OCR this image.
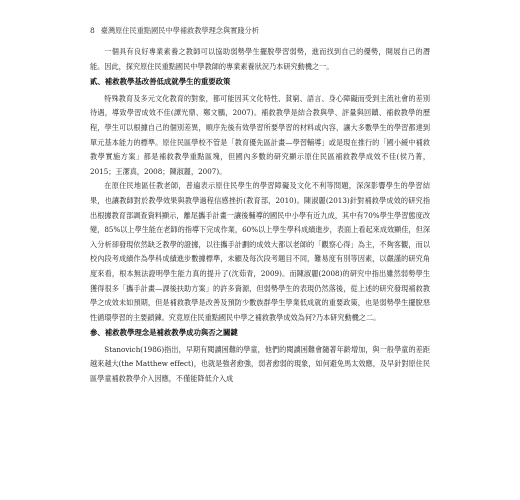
8 臺灣原住民重點國民中學補救教學理念與實踐分析

一個具有良好專業素養之教師可以協助弱勢學生擺脫學習弱勢，進而找到自己的優勢，開展自己的潛能。因此，探究原住民重點國民中學教師的專業素養狀況乃本研究動機之一。

貳、補救教學基改善低成就學生的重要政策

特殊教育及多元文化教育的對象，都可能因其文化特性、貧窮、語言、身心障礙而受到主流社會的差別待遇，導致學習成效不佳(譚光鼎、鄭文鵬，2007)。補救教學是結合教與學、評量與回饋、補救教學的歷程，學生可以根據自己的個別差異，順序先後有效學習所要學習的材料或內容，讓大多數學生的學習都達到單元基本能力的標準。原住民區學校不管是「教育優先區計畫—學習輔導」或是現在推行的「國小緩中補救教學實施方案」都是補救教學重點區塊，但國內多數的研究顯示原住民區補救教學成效不佳(侯乃菁，2015；王潔真，2008；陳淑麗，2007)。

在原住民地區任教老師，普遍表示原住民學生的學習障礙及文化不利等問題，深深影響學生的學習結果，也讓教師對於教學效果與教學過程信感挫折(教育部，2010)。陳淑麗(2013)針對補救學成效的研究指出根據教育部調查資料顯示，離尾攜手計畫一讓後輔導的國民中小學有近九成，其中有70%學生學習態度改變，85%以上學生能在老師的指導下完成作業，60%以上學生學科成績進步，表面上看起來成效顯佳，但深入分析卻發現依然缺乏教學的證據，以往攜手計劃的成效大都以老師的「觀察心得」為主，不夠客觀，而以校內段考成績作為學科成績進步數據標準，未顧及每次段考題目不同，難易度有別等因素，以嚴謹的研究角度來看，根本無法證明學生能力真的提升了(沈茹青，2009)。而陳淑麗(2008)的研究中指出雖然弱勢學生獲得很多「攜手計畫—課後扶助方案」的許多資源，但弱勢學生的表現仍然落後，從上述的研究發現補救教學之成效未如預期，但是補救教學是改善及預防少數族群學生學業低成就的重要政策，也是弱勢學生擺脫惡性循環學習的主要鎖鍊。究竟原住民重點國民中學之補救教學成效為何?乃本研究動機之二。

參、補救教學理念是補救教學成功與否之關鍵

Stanovich(1986)指出，早期有閱讀困難的學童，他們的閱讀困難會隨著年齡增加，與一般學童的差距越來越大(the Matthew effect)，也就是強者愈強，弱者愈弱的現象，如何避免馬太效應，及早針對原住民區學童補救教學介入因應，不僅能降低介入成
